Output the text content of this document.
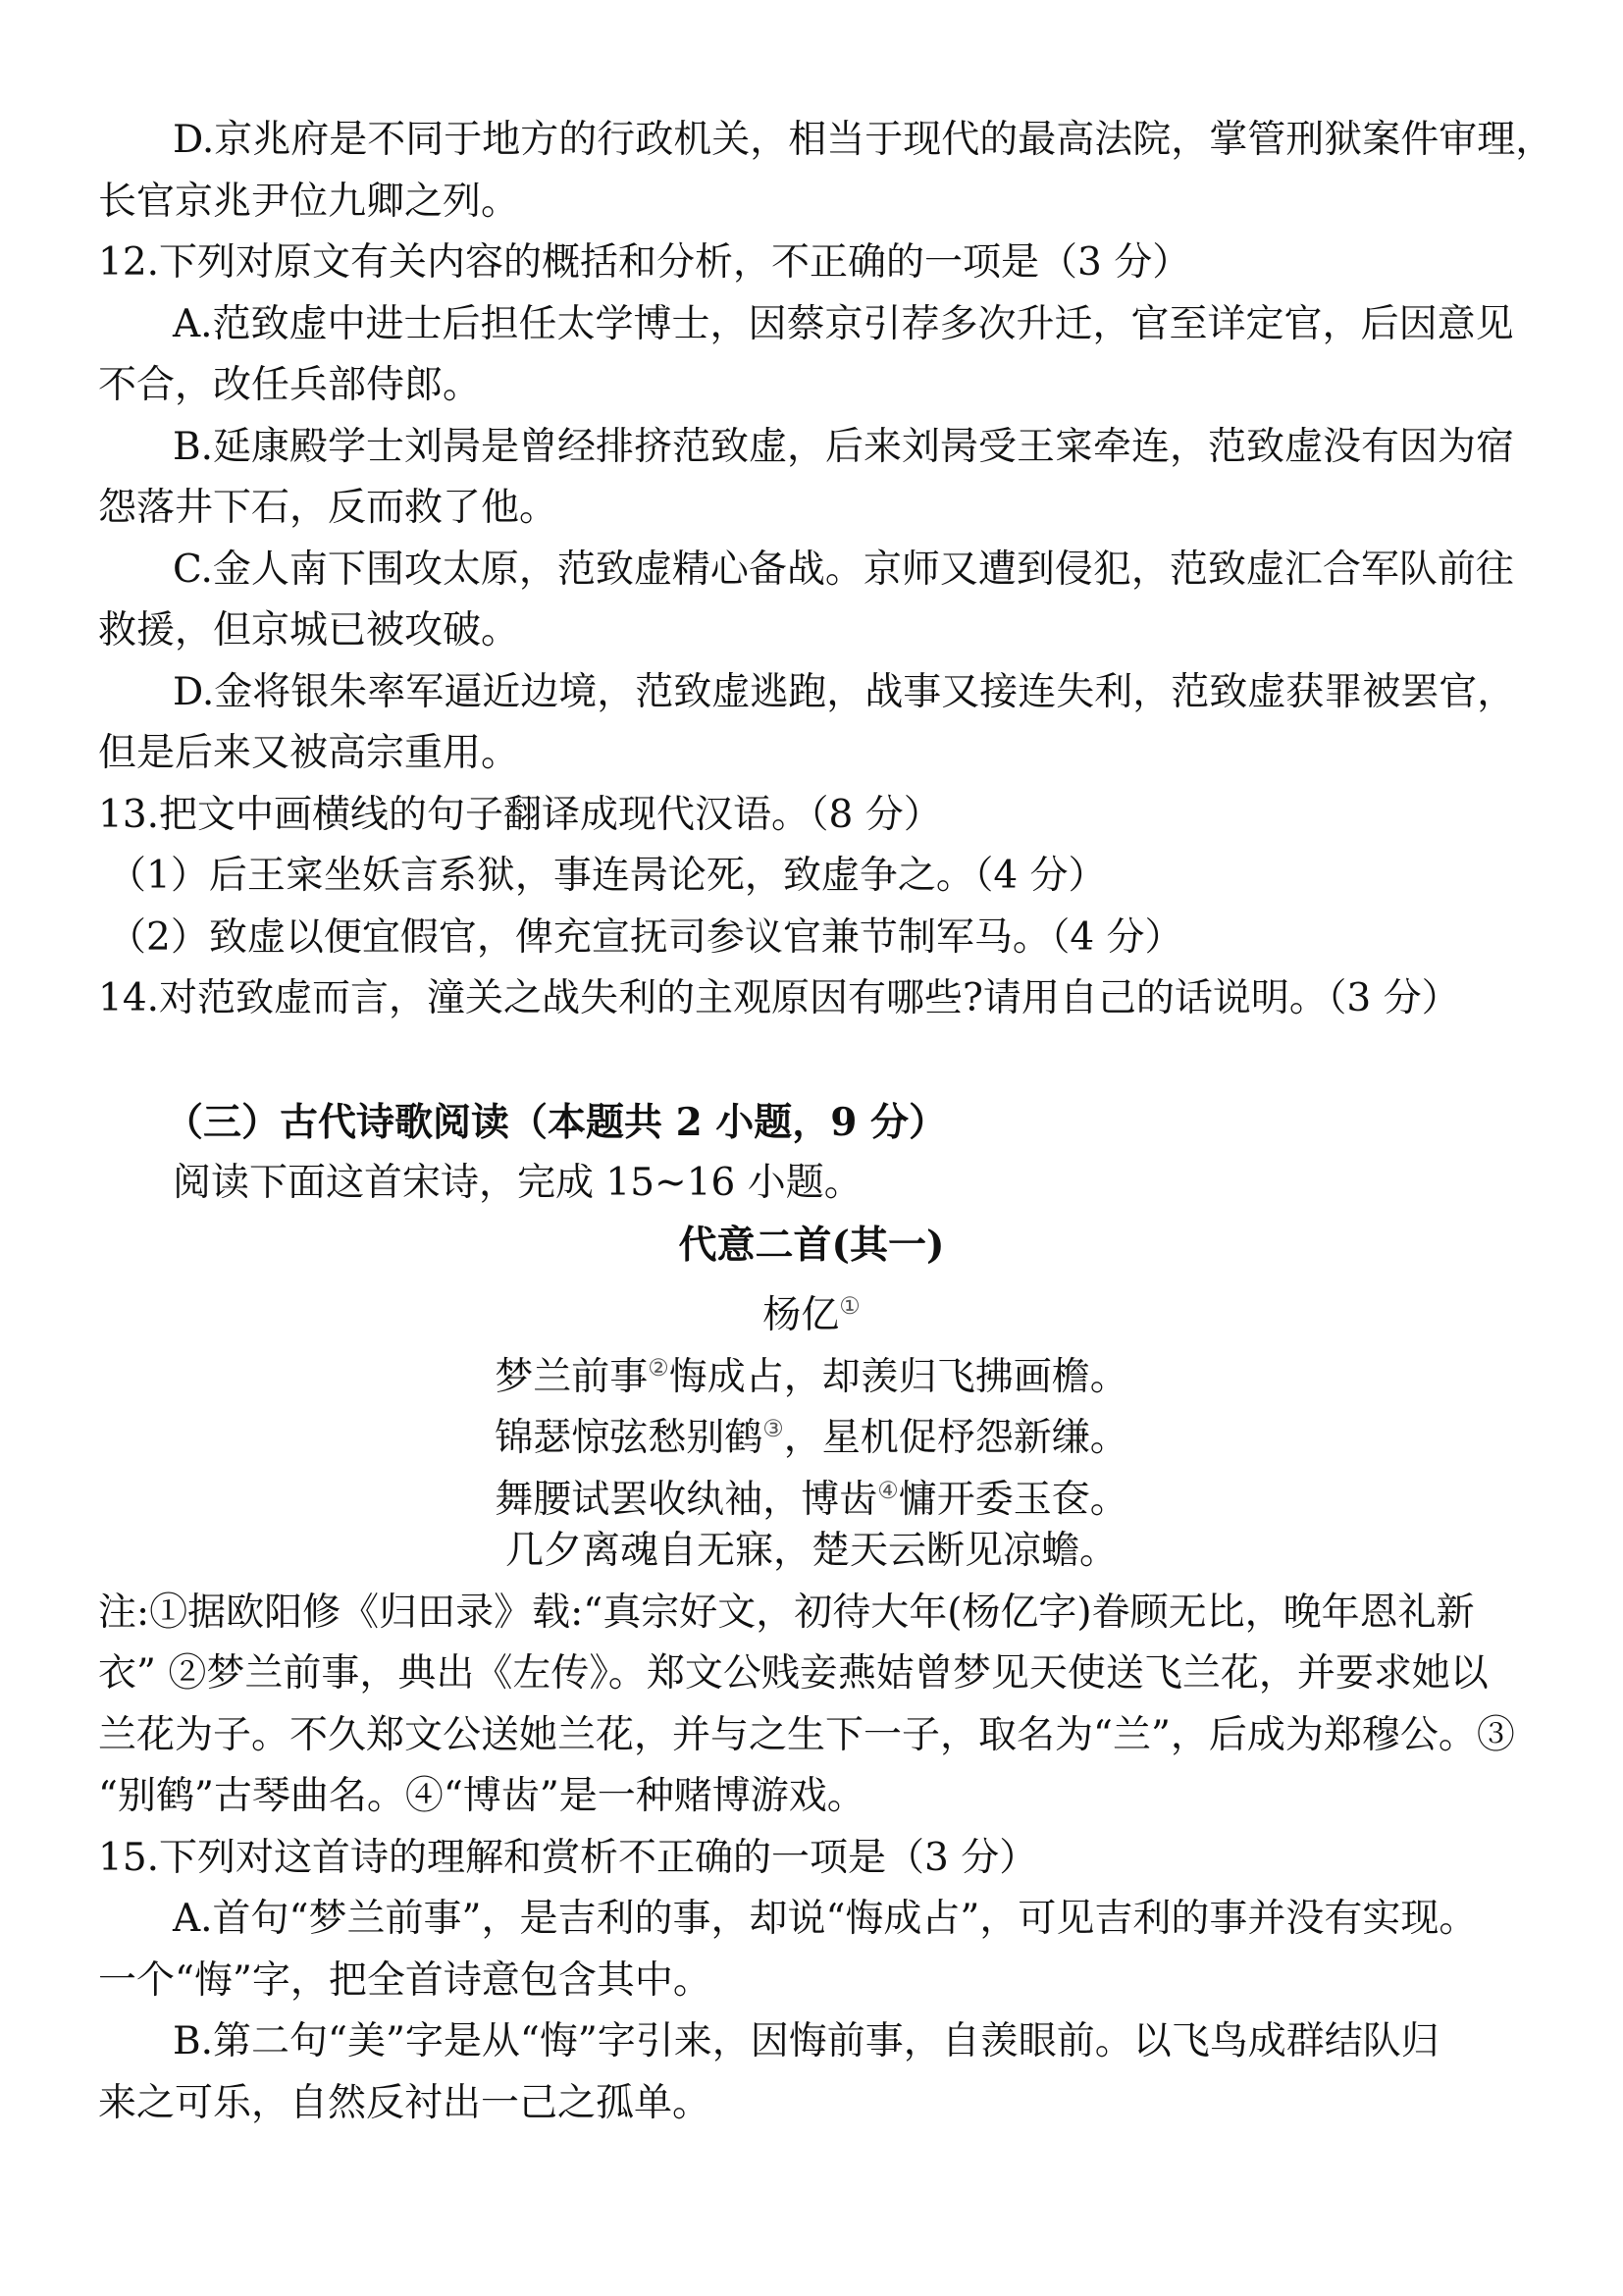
D.京兆府是不同于地方的行政机关，相当于现代的最高法院，掌管刑狱案件审理，
长官京兆尹位九卿之列。
12.下列对原文有关内容的概括和分析，不正确的一项是（3 分）
A.范致虚中进士后担任太学博士，因蔡京引荐多次升迁，官至详定官，后因意见
不合，改任兵部侍郎。
B.延康殿学士刘昺是曾经排挤范致虚，后来刘昺受王寀牵连，范致虚没有因为宿
怨落井下石，反而救了他。
C.金人南下围攻太原，范致虚精心备战。京师又遭到侵犯，范致虚汇合军队前往
救援，但京城已被攻破。
D.金将银朱率军逼近边境，范致虚逃跑，战事又接连失利，范致虚获罪被罢官，
但是后来又被高宗重用。
13.把文中画横线的句子翻译成现代汉语。（8 分）
（1）后王寀坐妖言系狱，事连昺论死，致虚争之。（4 分）
（2）致虚以便宜假官，俾充宣抚司参议官兼节制军马。（4 分）
14.对范致虚而言，潼关之战失利的主观原因有哪些?请用自己的话说明。（3 分）
（三）古代诗歌阅读（本题共 2 小题，9 分）
阅读下面这首宋诗，完成 15~16 小题。
代意二首(其一)
杨亿①
梦兰前事②悔成占，却羡归飞拂画檐。
锦瑟惊弦愁别鹤③，星机促杼怨新缣。
舞腰试罢收纨袖，博齿④慵开委玉奁。
几夕离魂自无寐，楚天云断见凉蟾。
注:①据欧阳修《归田录》载:“真宗好文，初待大年(杨亿字)眷顾无比，晚年恩礼新
衣” ②梦兰前事，典出《左传》。郑文公贱妾燕姞曾梦见天使送飞兰花，并要求她以
兰花为子。不久郑文公送她兰花，并与之生下一子，取名为“兰”，后成为郑穆公。③
“别鹤”古琴曲名。④“博齿”是一种赌博游戏。
15.下列对这首诗的理解和赏析不正确的一项是（3 分）
A.首句“梦兰前事”，是吉利的事，却说“悔成占”，可见吉利的事并没有实现。
一个“悔”字，把全首诗意包含其中。
B.第二句“美”字是从“悔”字引来，因悔前事，自羡眼前。以飞鸟成群结队归
来之可乐，自然反衬出一己之孤单。
